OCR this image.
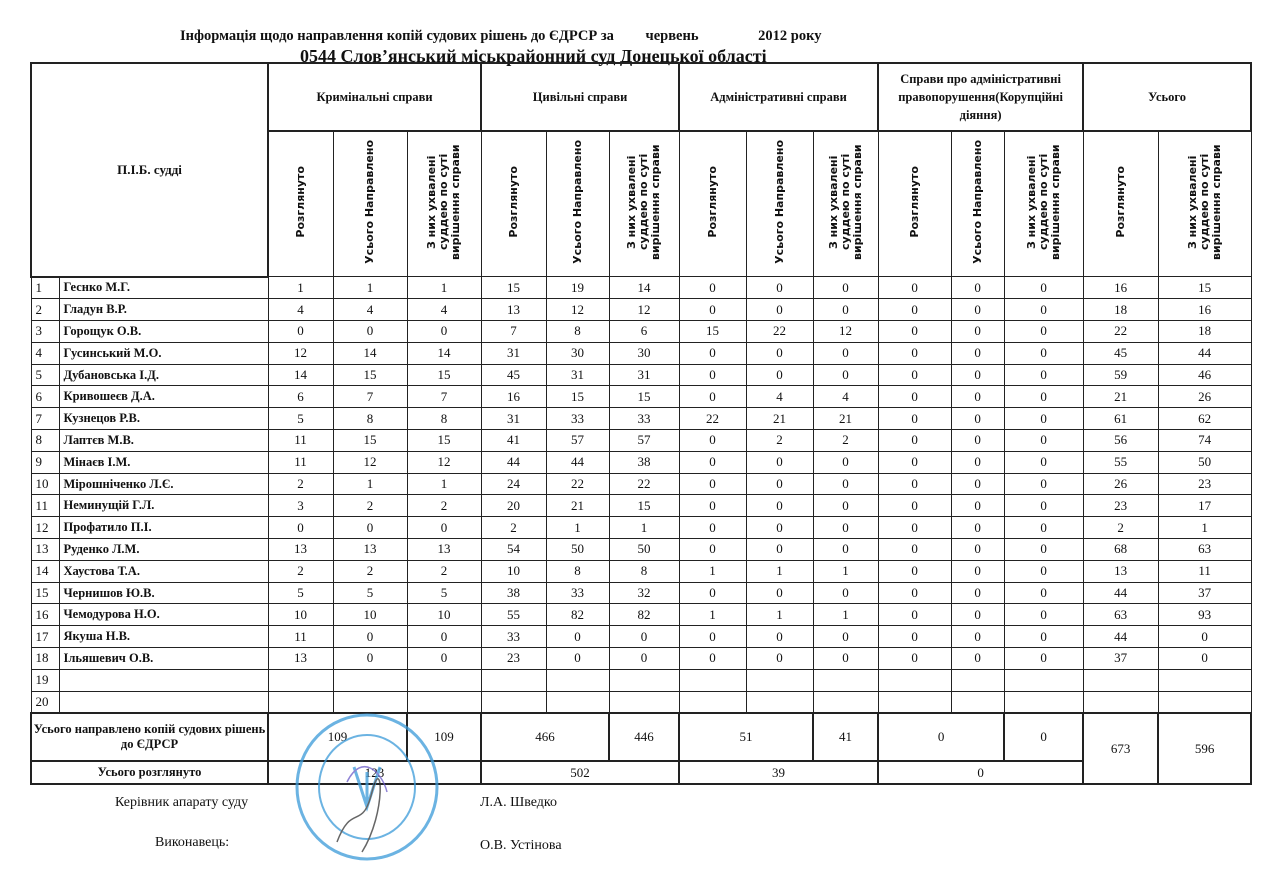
Інформація щодо направлення копій судових рішень до ЄДРСР за червень	2012 року
0544 Слов’янський міськрайонний суд Донецької області
П.І.Б. судді		Кримінальні справи			Цивільні справи			Адміністративні справи			Справи про адміністративні правопорушення(Корупційні діяння)			Усього	
		Розглянуто	Усього Направлено	З них ухвалені суддею по суті вирішення справи	Розглянуто	Усього Направлено	З них ухвалені суддею по суті вирішення справи	Розглянуто	Усього Направлено	З них ухвалені суддею по суті вирішення справи	Розглянуто	Усього Направлено	З них ухвалені суддею по суті вирішення справи	Розглянуто	З них ухвалені суддею по суті вирішення справи
1	Геснко М.Г.	1	1	1	15	19	14	0	0	0	0	0	0	16	15
2	Гладун В.Р.	4	4	4	13	12	12	0	0	0	0	0	0	18	16
3	Горощук О.В.	0	0	0	7	8	6	15	22	12	0	0	0	22	18
4	Гусинський М.О.	12	14	14	31	30	30	0	0	0	0	0	0	45	44
5	Дубановська І.Д.	14	15	15	45	31	31	0	0	0	0	0	0	59	46
6	Кривошеєв Д.А.	6	7	7	16	15	15	0	4	4	0	0	0	21	26
7	Кузнецов Р.В.	5	8	8	31	33	33	22	21	21	0	0	0	61	62
8	Лаптєв М.В.	11	15	15	41	57	57	0	2	2	0	0	0	56	74
9	Мінаєв І.М.	11	12	12	44	44	38	0	0	0	0	0	0	55	50
10	Мірошніченко Л.Є.	2	1	1	24	22	22	0	0	0	0	0	0	26	23
11	Неминущій Г.Л.	3	2	2	20	21	15	0	0	0	0	0	0	23	17
12	Профатило П.І.	0	0	0	2	1	1	0	0	0	0	0	0	2	1
13	Руденко Л.М.	13	13	13	54	50	50	0	0	0	0	0	0	68	63
14	Хаустова Т.А.	2	2	2	10	8	8	1	1	1	0	0	0	13	11
15	Чернишов Ю.В.	5	5	5	38	33	32	0	0	0	0	0	0	44	37
16	Чемодурова Н.О.	10	10	10	55	82	82	1	1	1	0	0	0	63	93
17	Якуша Н.В.	11	0	0	33	0	0	0	0	0	0	0	0	44	0
18	Ільяшевич О.В.	13	0	0	23	0	0	0	0	0	0	0	0	37	0
19															
20															
Усього направлено копій судових рішень до ЄДРСР		109		109	466		446	51		41	0		0	673	596
Усього розглянуто		123			502			39			0				
Керівник апарату суду	Л.А. Шведко
Виконавець:	О.В. Устінова
